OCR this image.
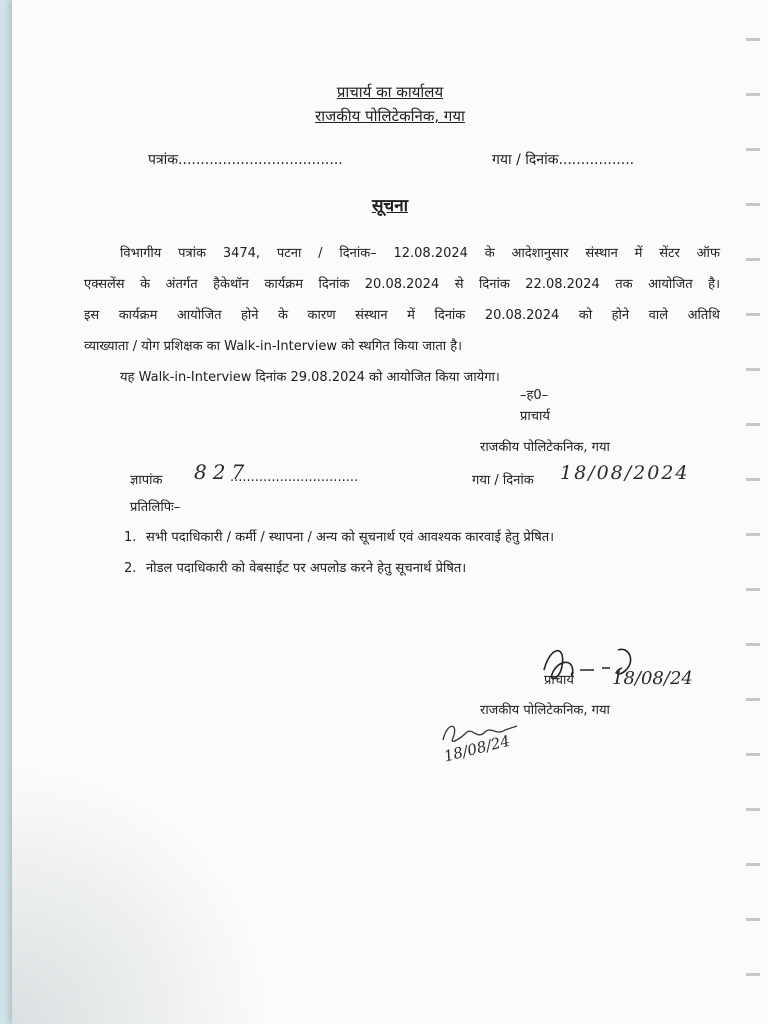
प्राचार्य का कार्यालय
राजकीय पोलिटेकनिक, गया
पत्रांक.....................................	गया / दिनांक.................
सूचना
विभागीय पत्रांक 3474, पटना / दिनांक– 12.08.2024 के आदेशानुसार संस्थान में सेंटर ऑफ
एक्सलेंस के अंतर्गत हैकेथॉन कार्यक्रम दिनांक 20.08.2024 से दिनांक 22.08.2024 तक आयोजित है।
इस कार्यक्रम आयोजित होने के कारण संस्थान में दिनांक 20.08.2024 को होने वाले अतिथि
व्याख्याता / योग प्रशिक्षक का Walk-in-Interview को स्थगित किया जाता है।
यह Walk-in-Interview दिनांक 29.08.2024 को आयोजित किया जायेगा।
–ह0–
प्राचार्य
राजकीय पोलिटेकनिक, गया
ज्ञापांक 827
...............................	गया / दिनांक 18/08/2024
प्रतिलिपिः–
1. सभी पदाधिकारी / कर्मी / स्थापना / अन्य को सूचनार्थ एवं आवश्यक कारवाई हेतु प्रेषित।
2. नोडल पदाधिकारी को वेबसाईट पर अपलोड करने हेतु सूचनार्थ प्रेषित।
प्राचार्य 18/08/24
राजकीय पोलिटेकनिक, गया
18/08/24
